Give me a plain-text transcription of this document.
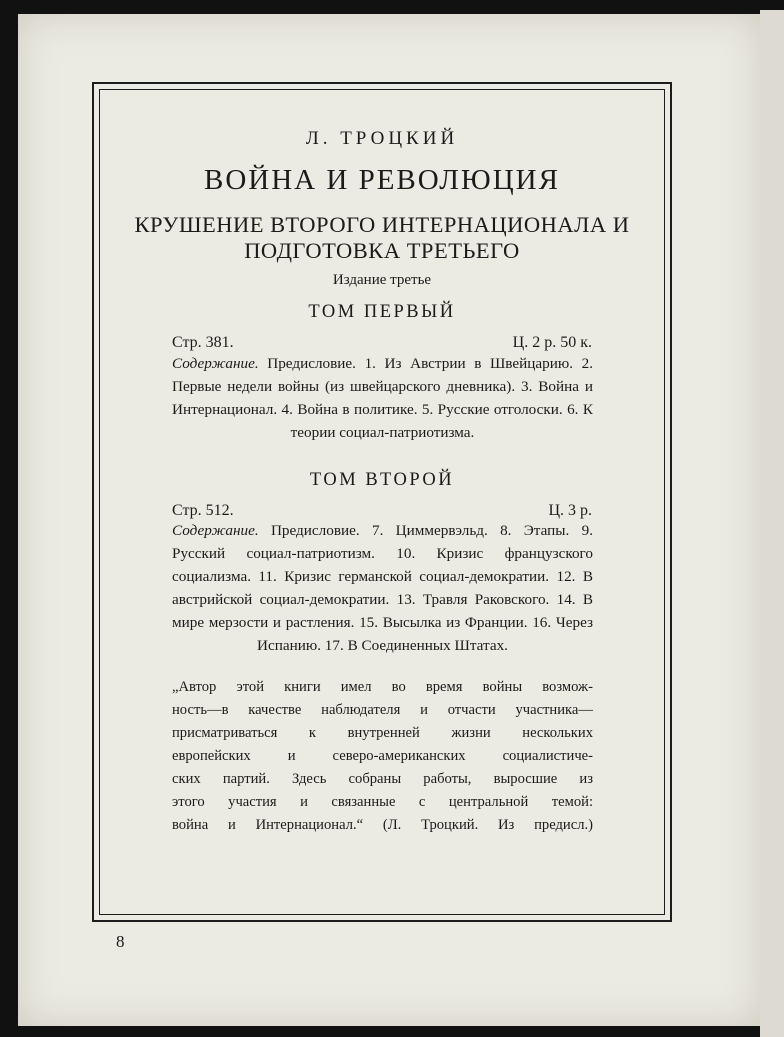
Л. ТРОЦКИЙ
ВОЙНА И РЕВОЛЮЦИЯ
КРУШЕНИЕ ВТОРОГО ИНТЕРНАЦИОНАЛА И ПОДГОТОВКА ТРЕТЬЕГО
Издание третье
ТОМ ПЕРВЫЙ
Стр. 381.	Ц. 2 р. 50 к.
Содержание. Предисловие. 1. Из Австрии в Швейцарию. 2. Первые недели войны (из швейцарского дневника). 3. Война и Интернационал. 4. Война в политике. 5. Русские отголоски. 6. К теории социал-патриотизма.
ТОМ ВТОРОЙ
Стр. 512.	Ц. 3 р.
Содержание. Предисловие. 7. Циммервэльд. 8. Этапы. 9. Русский социал-патриотизм. 10. Кризис французского социализма. 11. Кризис германской социал-демократии. 12. В австрийской социал-демократии. 13. Травля Раковского. 14. В мире мерзости и растления. 15. Высылка из Франции. 16. Через Испанию. 17. В Соединенных Штатах.
„Автор этой книги имел во время войны возмож-
ность—в качестве наблюдателя и отчасти участника—
присматриваться к внутренней жизни нескольких
европейских и северо-американских социалистиче-
ских партий. Здесь собраны работы, выросшие из
этого участия и связанные с центральной темой:
война и Интернационал.“ (Л. Троцкий. Из предисл.)
8
